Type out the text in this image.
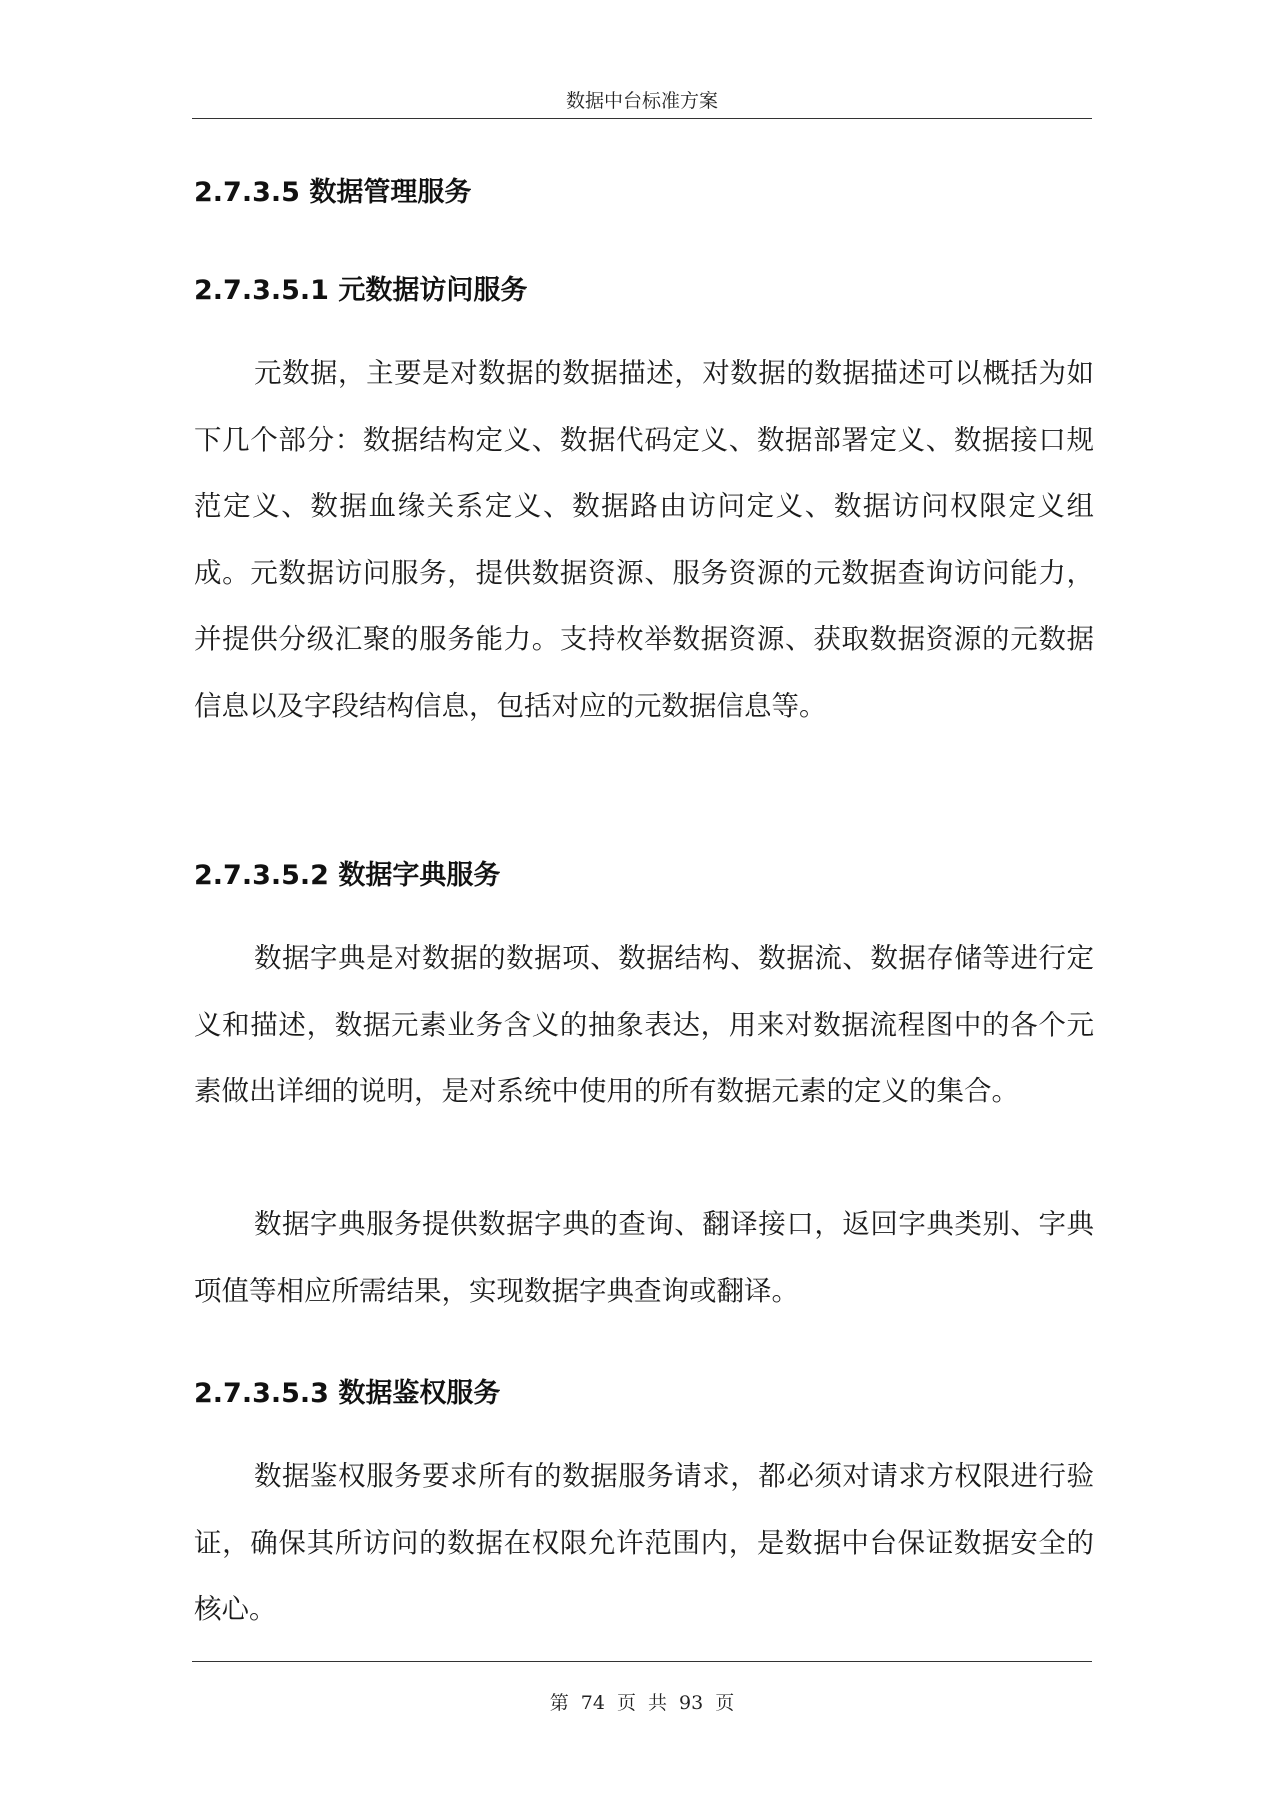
数据中台标准方案
2.7.3.5 数据管理服务
2.7.3.5.1 元数据访问服务

元数据，主要是对数据的数据描述，对数据的数据描述可以概括为如下几个部分：数据结构定义、数据代码定义、数据部署定义、数据接口规范定义、数据血缘关系定义、数据路由访问定义、数据访问权限定义组成。元数据访问服务，提供数据资源、服务资源的元数据查询访问能力，并提供分级汇聚的服务能力。支持枚举数据资源、获取数据资源的元数据信息以及字段结构信息，包括对应的元数据信息等。

2.7.3.5.2 数据字典服务

数据字典是对数据的数据项、数据结构、数据流、数据存储等进行定义和描述，数据元素业务含义的抽象表达，用来对数据流程图中的各个元素做出详细的说明，是对系统中使用的所有数据元素的定义的集合。

数据字典服务提供数据字典的查询、翻译接口，返回字典类别、字典项值等相应所需结果，实现数据字典查询或翻译。

2.7.3.5.3 数据鉴权服务

数据鉴权服务要求所有的数据服务请求，都必须对请求方权限进行验证，确保其所访问的数据在权限允许范围内，是数据中台保证数据安全的核心。

第 74 页 共 93 页
